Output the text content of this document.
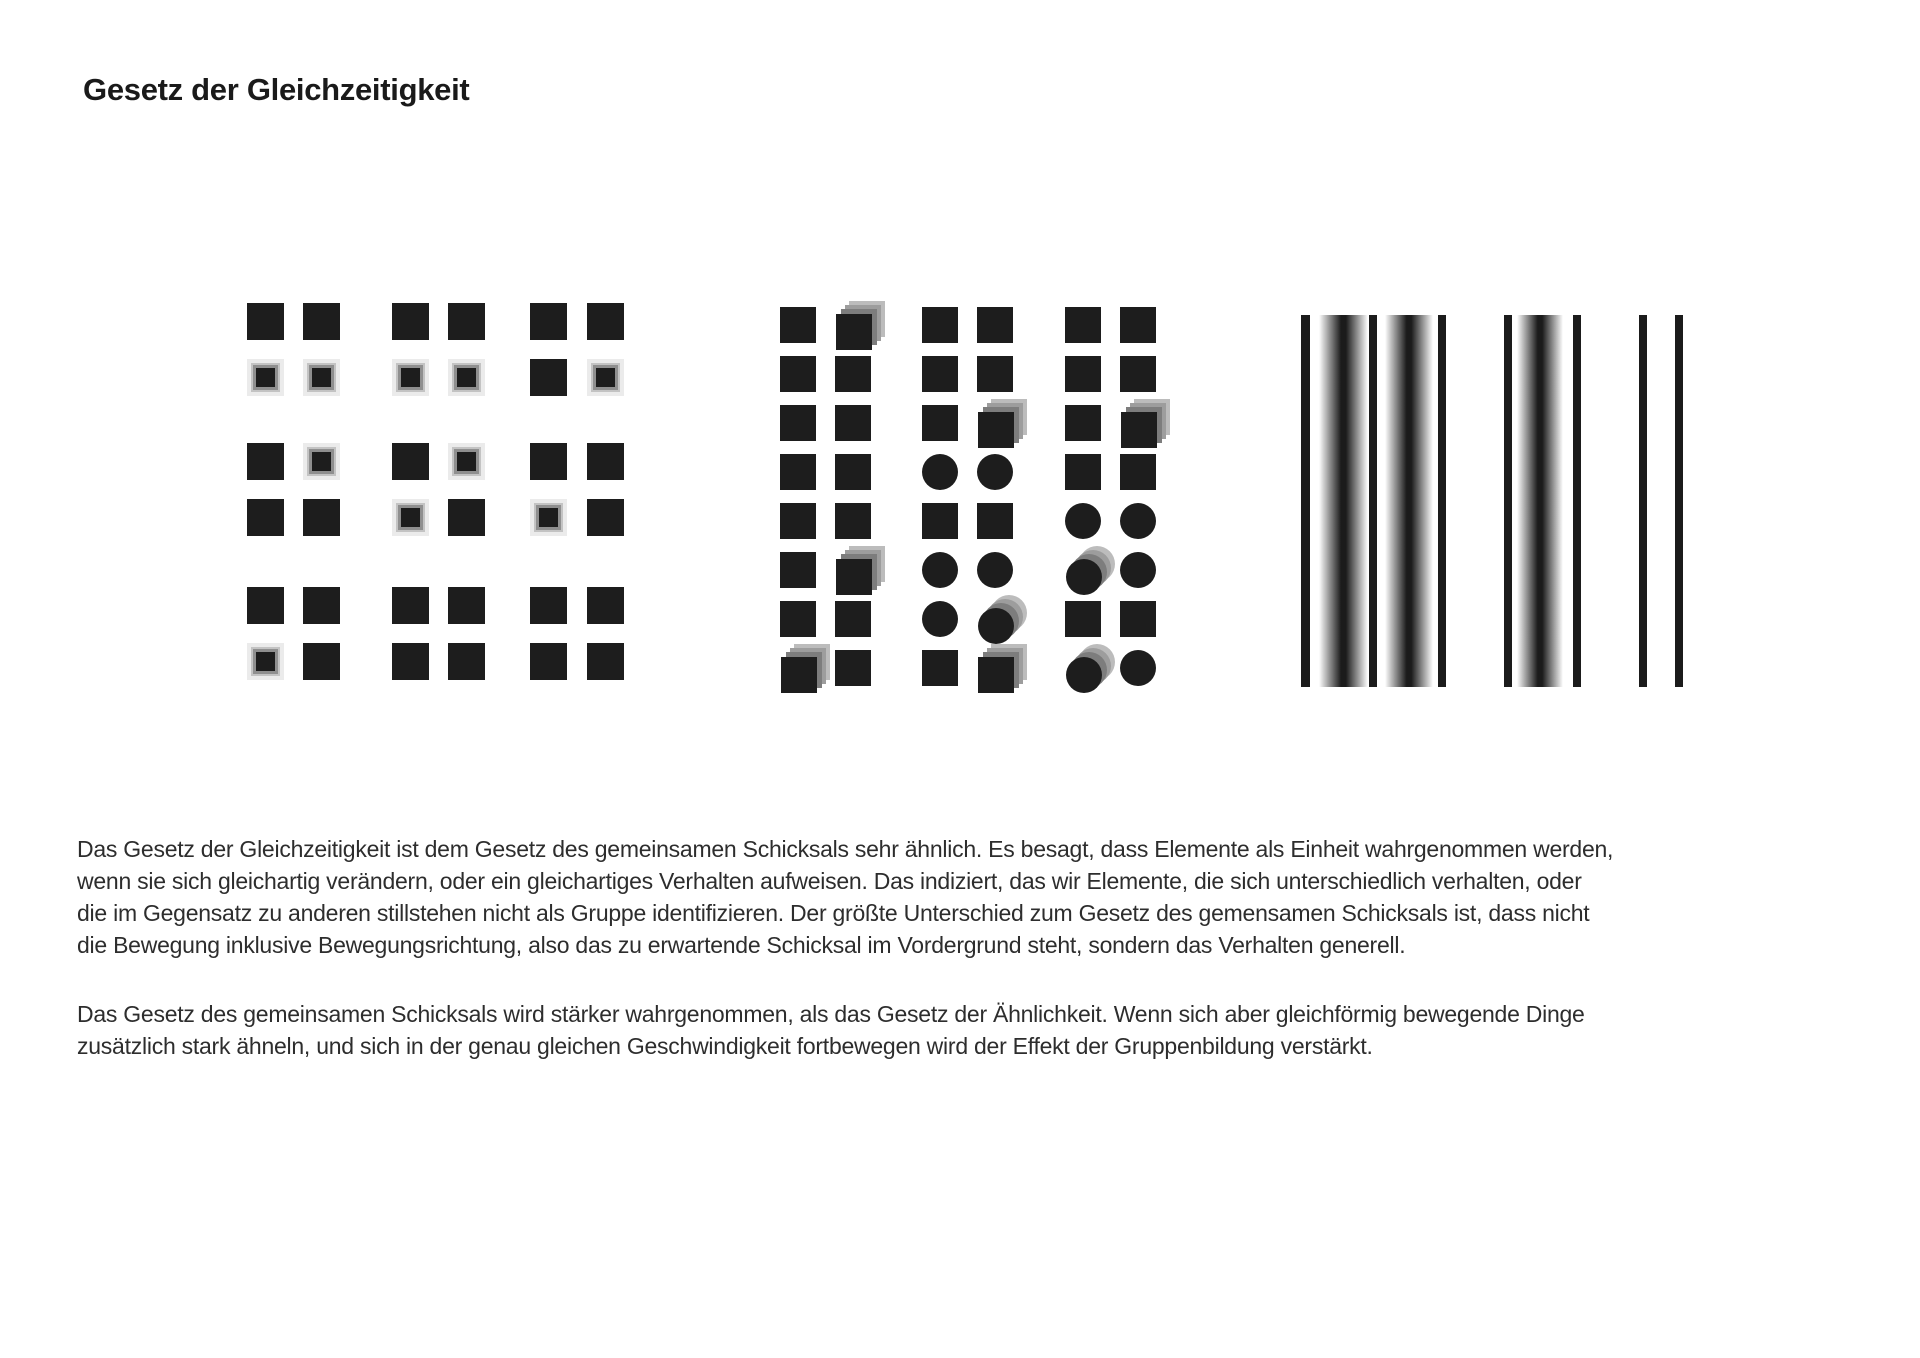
Gesetz der Gleichzeitigkeit
Das Gesetz der Gleichzeitigkeit ist dem Gesetz des gemeinsamen Schicksals sehr ähnlich. Es besagt, dass Elemente als Einheit wahrgenommen werden,
wenn sie sich gleichartig verändern, oder ein gleichartiges Verhalten aufweisen. Das indiziert, das wir Elemente, die sich unterschiedlich verhalten, oder
die im Gegensatz zu anderen stillstehen nicht als Gruppe identifizieren. Der größte Unterschied zum Gesetz des gemensamen Schicksals ist, dass nicht
die Bewegung inklusive Bewegungsrichtung, also das zu erwartende Schicksal im Vordergrund steht, sondern das Verhalten generell.
Das Gesetz des gemeinsamen Schicksals wird stärker wahrgenommen, als das Gesetz der Ähnlichkeit. Wenn sich aber gleichförmig bewegende Dinge
zusätzlich stark ähneln, und sich in der genau gleichen Geschwindigkeit fortbewegen wird der Effekt der Gruppenbildung verstärkt.
